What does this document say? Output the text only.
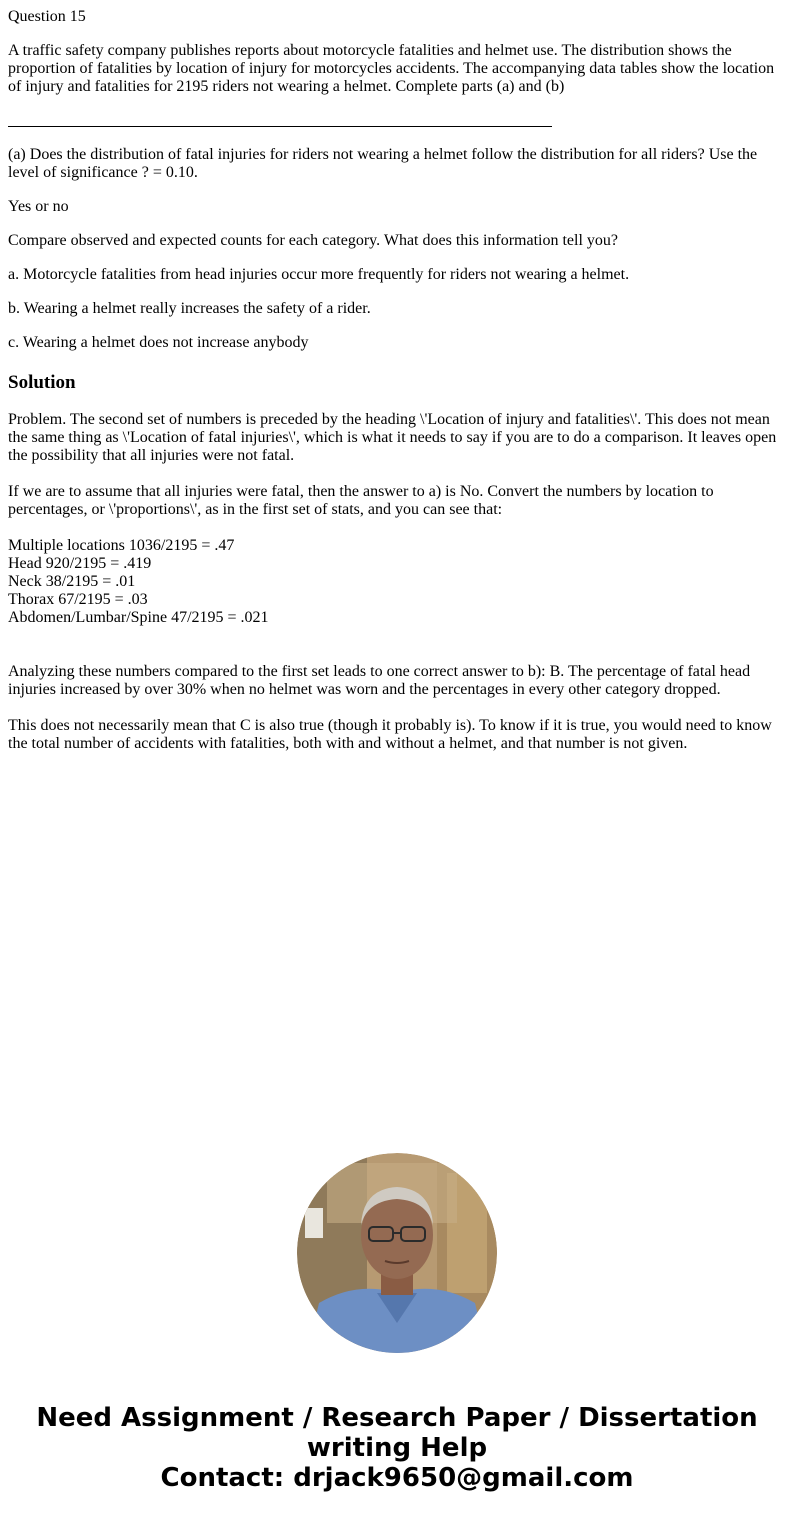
Question 15

A traffic safety company publishes reports about motorcycle fatalities and helmet use. The distribution shows the proportion of fatalities by location of injury for motorcycles accidents. The accompanying data tables show the location of injury and fatalities for 2195 riders not wearing a helmet. Complete parts (a) and (b)

(a) Does the distribution of fatal injuries for riders not wearing a helmet follow the distribution for all riders? Use the level of significance ? = 0.10.

Yes or no

Compare observed and expected counts for each category. What does this information tell you?

a. Motorcycle fatalities from head injuries occur more frequently for riders not wearing a helmet.

b. Wearing a helmet really increases the safety of a rider.

c. Wearing a helmet does not increase anybody

Solution

Problem. The second set of numbers is preceded by the heading \'Location of injury and fatalities\'. This does not mean the same thing as \'Location of fatal injuries\', which is what it needs to say if you are to do a comparison. It leaves open the possibility that all injuries were not fatal.

If we are to assume that all injuries were fatal, then the answer to a) is No. Convert the numbers by location to percentages, or \'proportions\', as in the first set of stats, and you can see that:

Multiple locations 1036/2195 = .47
Head 920/2195 = .419
Neck 38/2195 = .01
Thorax 67/2195 = .03
Abdomen/Lumbar/Spine 47/2195 = .021

Analyzing these numbers compared to the first set leads to one correct answer to b): B. The percentage of fatal head injuries increased by over 30% when no helmet was worn and the percentages in every other category dropped.

This does not necessarily mean that C is also true (though it probably is). To know if it is true, you would need to know the total number of accidents with fatalities, both with and without a helmet, and that number is not given.

Need Assignment / Research Paper / Dissertation
writing Help
Contact: drjack9650@gmail.com
